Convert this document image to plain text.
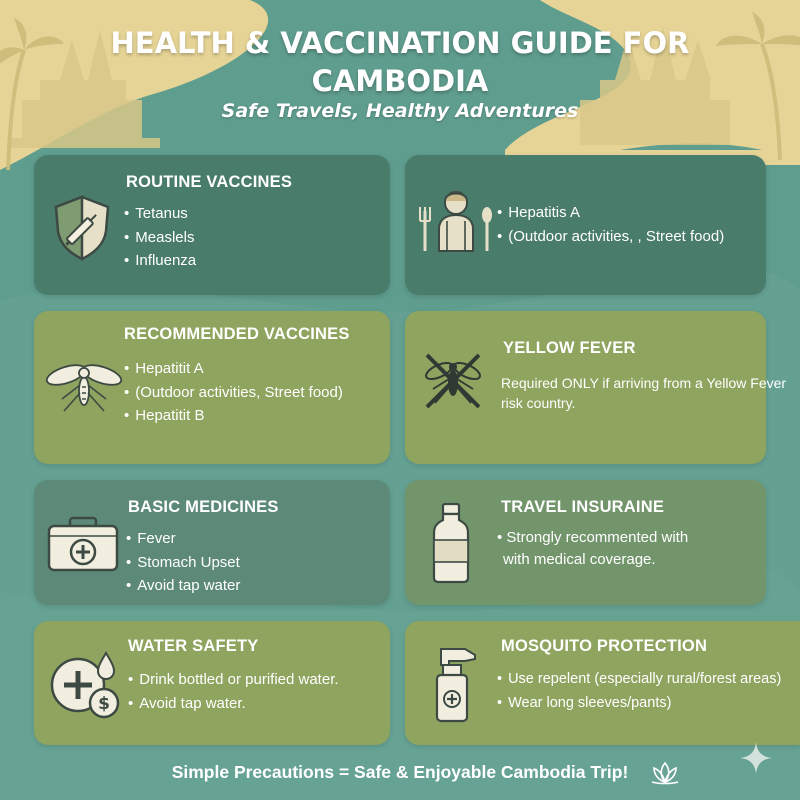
HEALTH & VACCINATION GUIDE FOR
CAMBODIA
Safe Travels, Healthy Adventures
ROUTINE VACCINES
• Tetanus
• Measlels
• Influenza
• Hepatitis A
• (Outdoor activities, , Street food)
RECOMMENDED VACCINES
• Hepatitit A
• (Outdoor activities, Street food)
• Hepatitit B
YELLOW FEVER
Required ONLY if arriving from a Yellow Fever
risk country.
BASIC MEDICINES
• Fever
• Stomach Upset
• Avoid tap water
TRAVEL INSURAINE
• Strongly recommented with
with medical coverage.
$
WATER SAFETY
• Drink bottled or purified water.
• Avoid tap water.
MOSQUITO PROTECTION
• Use repelent (especially rural/forest areas)
• Wear long sleeves/pants)
Simple Precautions = Safe & Enjoyable Cambodia Trip!
